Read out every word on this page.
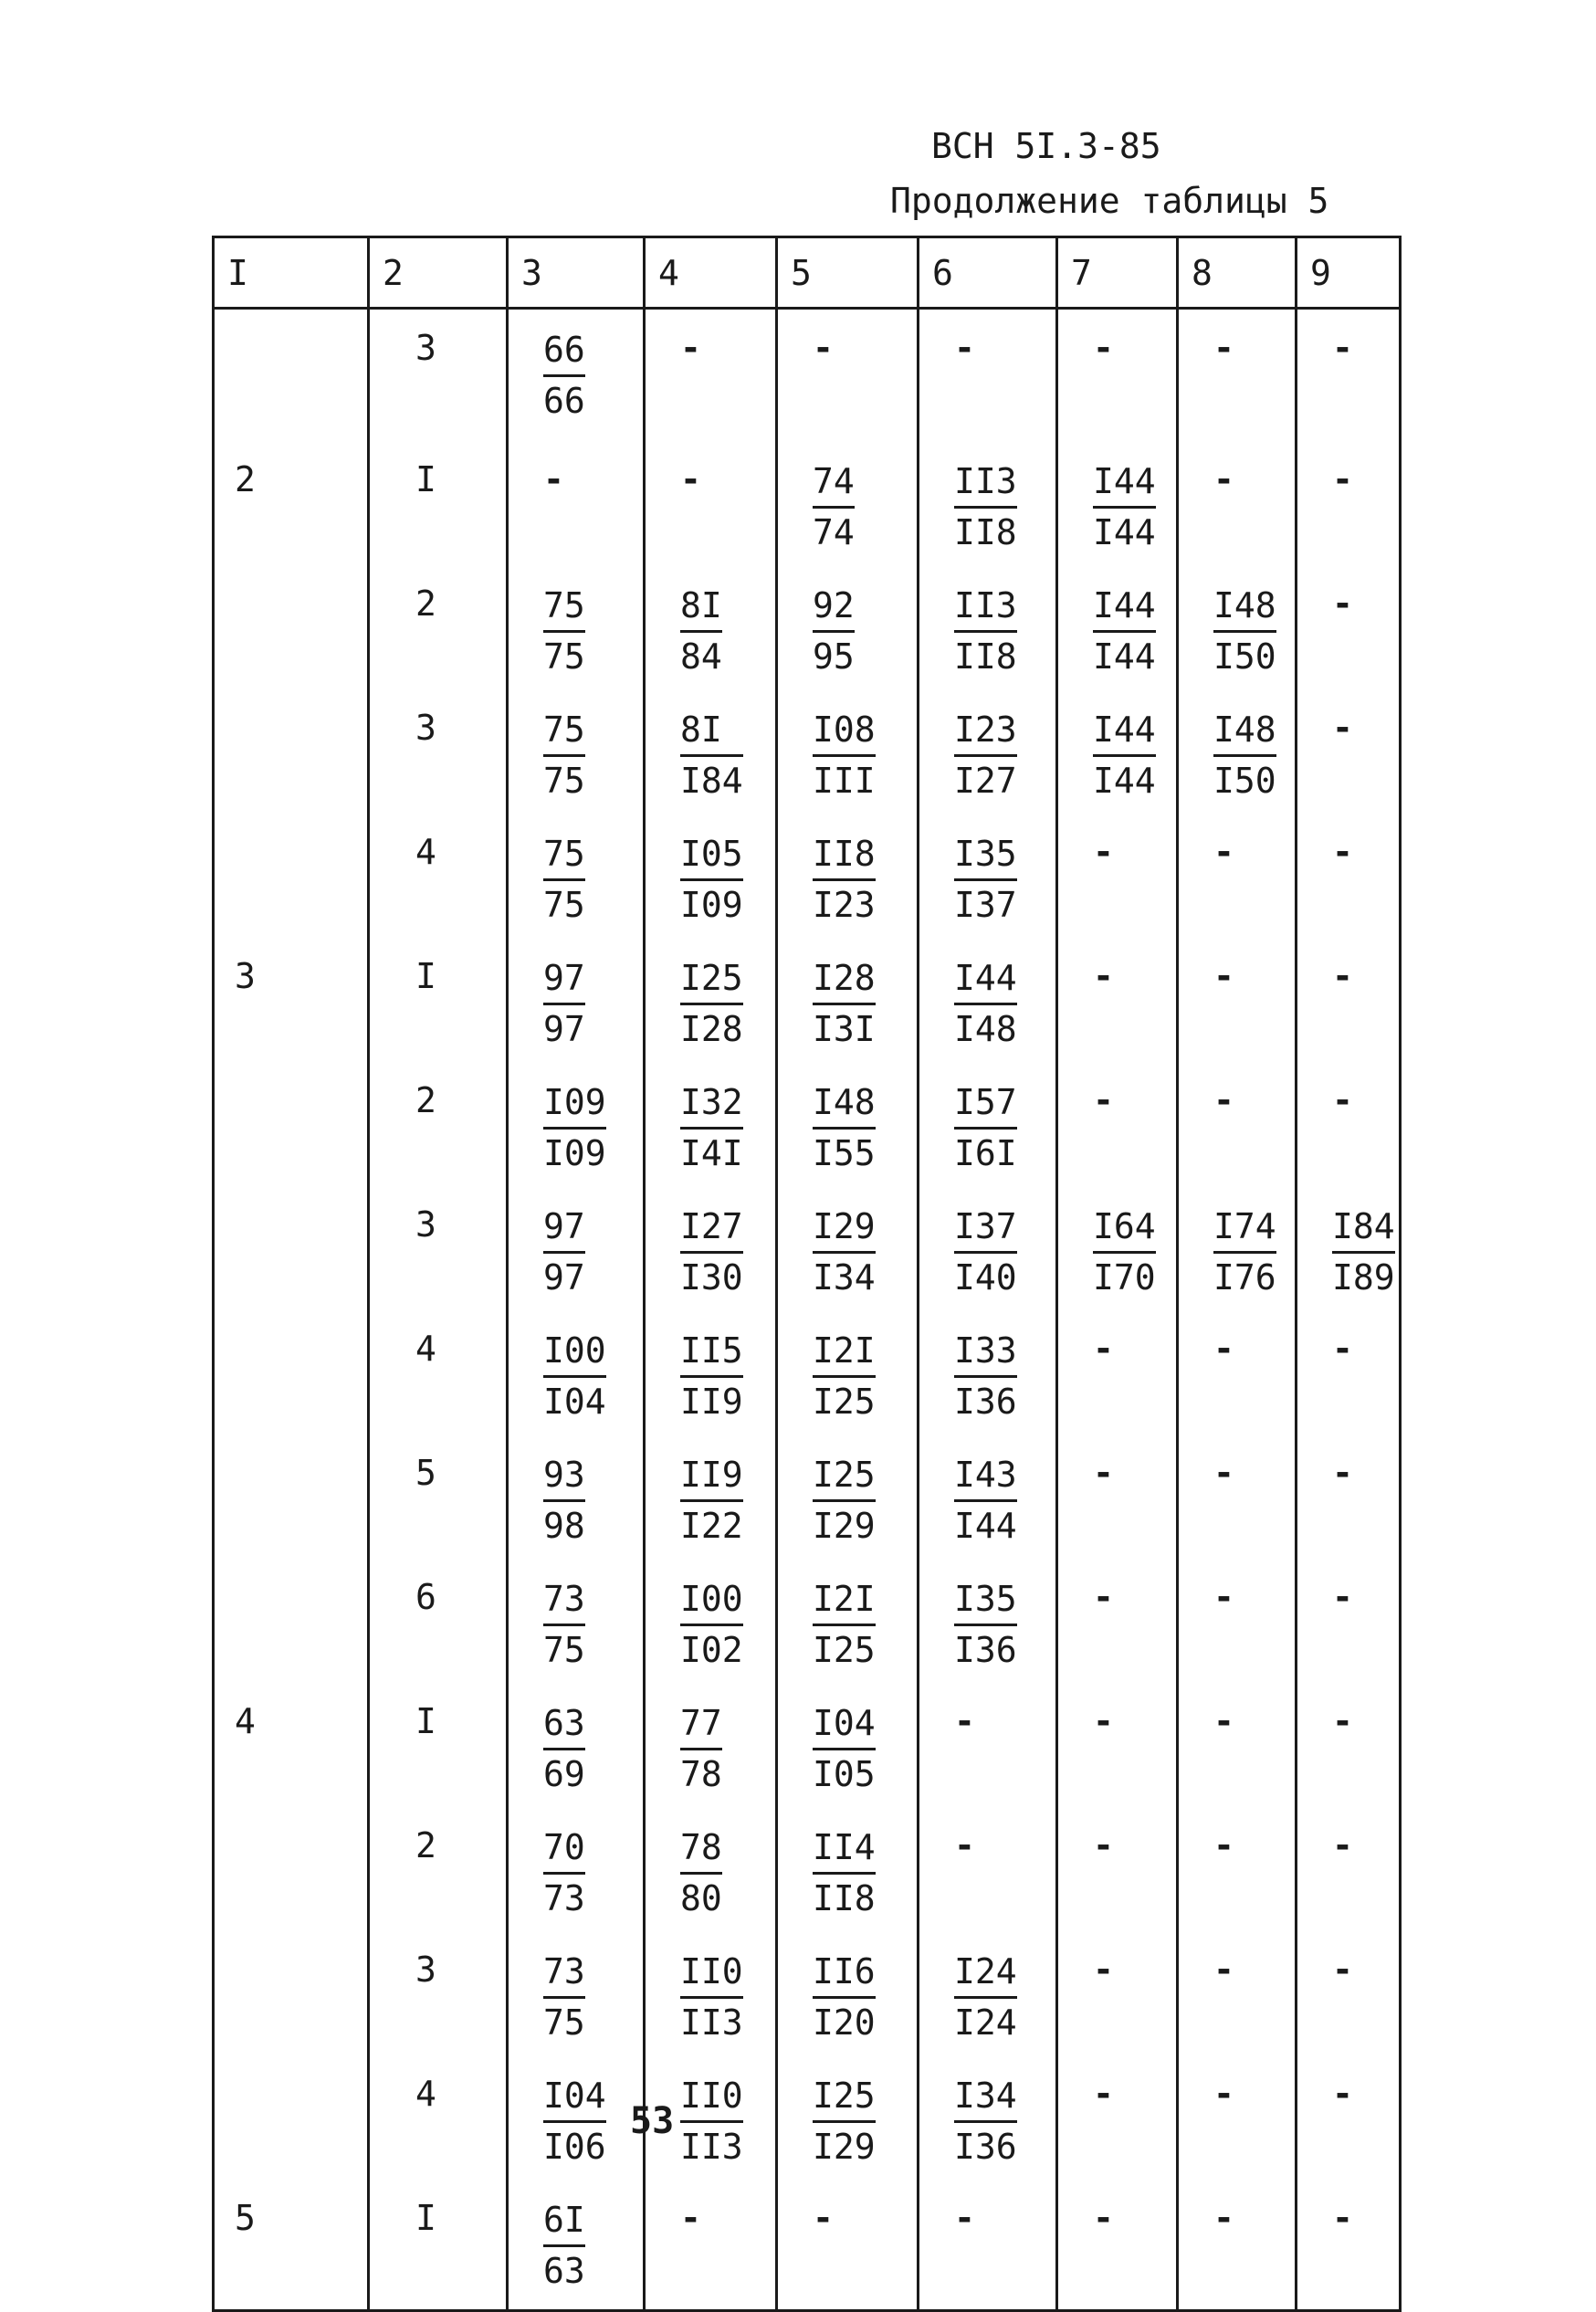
ВСН 5I.3-85
Продолжение таблицы 5
I	2	3	4	5	6	7	8	9
	3	$\frac{66}{66}$	-	-	-	-	-	-
2	I	-	-	$\frac{74}{74}$	$\frac{II3}{II8}$	$\frac{I44}{I44}$	-	-
	2	$\frac{75}{75}$	$\frac{8I}{84}$	$\frac{92}{95}$	$\frac{II3}{II8}$	$\frac{I44}{I44}$	$\frac{I48}{I50}$	-
	3	$\frac{75}{75}$	$\frac{8I}{I84}$	$\frac{I08}{\text{III}}$	$\frac{I23}{I27}$	$\frac{I44}{I44}$	$\frac{I48}{I50}$	-
	4	$\frac{75}{75}$	$\frac{I05}{I09}$	$\frac{II8}{I23}$	$\frac{I35}{I37}$	-	-	-
3	I	$\frac{97}{97}$	$\frac{I25}{I28}$	$\frac{I28}{I3I}$	$\frac{I44}{I48}$	-	-	-
	2	$\frac{I09}{I09}$	$\frac{I32}{I4I}$	$\frac{I48}{I55}$	$\frac{I57}{I6I}$	-	-	-
	3	$\frac{97}{97}$	$\frac{I27}{I30}$	$\frac{I29}{I34}$	$\frac{I37}{I40}$	$\frac{I64}{I70}$	$\frac{I74}{I76}$	$\frac{I84}{I89}$

	4	$\frac{I00}{I04}$	$\frac{II5}{II9}$	$\frac{I2I}{I25}$	$\frac{I33}{I36}$	-	-	-
	5	$\frac{93}{98}$	$\frac{II9}{I22}$	$\frac{I25}{I29}$	$\frac{I43}{I44}$	-	-	-
	6	$\frac{73}{75}$	$\frac{I00}{I02}$	$\frac{I2I}{I25}$	$\frac{I35}{I36}$	-	-	-
4	I	$\frac{63}{69}$	$\frac{77}{78}$	$\frac{I04}{I05}$	-	-	-	-
	2	$\frac{70}{73}$	$\frac{78}{80}$	$\frac{II4}{II8}$	-	-	-	-
	3	$\frac{73}{75}$	$\frac{II0}{II3}$	$\frac{II6}{I20}$	$\frac{I24}{I24}$	-	-	-
	4	$\frac{I04}{I06}$	$\frac{II0}{II3}$	$\frac{I25}{I29}$	$\frac{I34}{I36}$	-	-	-
5	I	$\frac{6I}{63}$	-	-	-	-	-	-
53
